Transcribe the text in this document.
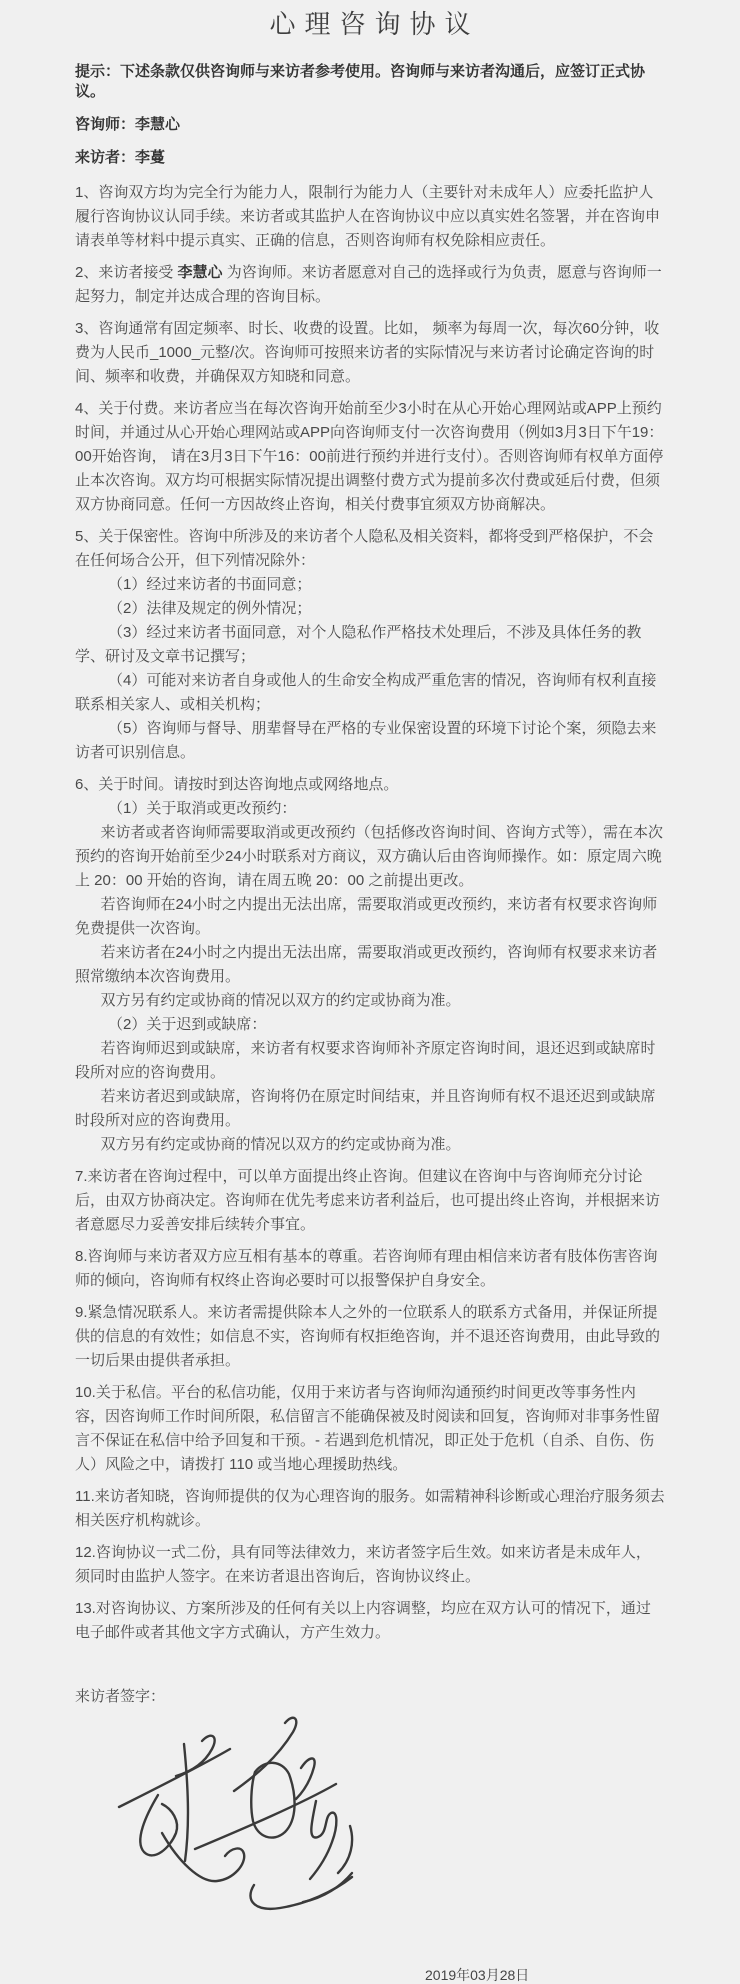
心理咨询协议

提示：下述条款仅供咨询师与来访者参考使用。咨询师与来访者沟通后，应签订正式协议。

咨询师：李慧心

来访者：李蔓

1、咨询双方均为完全行为能力人，限制行为能力人（主要针对未成年人）应委托监护人履行咨询协议认同手续。来访者或其监护人在咨询协议中应以真实姓名签署，并在咨询申请表单等材料中提示真实、正确的信息，否则咨询师有权免除相应责任。

2、来访者接受 李慧心 为咨询师。来访者愿意对自己的选择或行为负责，愿意与咨询师一起努力，制定并达成合理的咨询目标。

3、咨询通常有固定频率、时长、收费的设置。比如， 频率为每周一次，每次60分钟，收费为人民币_1000_元整/次。咨询师可按照来访者的实际情况与来访者讨论确定咨询的时间、频率和收费，并确保双方知晓和同意。

4、关于付费。来访者应当在每次咨询开始前至少3小时在从心开始心理网站或APP上预约时间，并通过从心开始心理网站或APP向咨询师支付一次咨询费用（例如3月3日下午19：00开始咨询， 请在3月3日下午16：00前进行预约并进行支付）。否则咨询师有权单方面停止本次咨询。双方均可根据实际情况提出调整付费方式为提前多次付费或延后付费，但须双方协商同意。任何一方因故终止咨询，相关付费事宜须双方协商解决。

5、关于保密性。咨询中所涉及的来访者个人隐私及相关资料，都将受到严格保护，不会在任何场合公开，但下列情况除外：

（1）经过来访者的书面同意；

（2）法律及规定的例外情况；

（3）经过来访者书面同意，对个人隐私作严格技术处理后，不涉及具体任务的教学、研讨及文章书记撰写；

（4）可能对来访者自身或他人的生命安全构成严重危害的情况，咨询师有权利直接联系相关家人、或相关机构；

（5）咨询师与督导、朋辈督导在严格的专业保密设置的环境下讨论个案，须隐去来访者可识别信息。

6、关于时间。请按时到达咨询地点或网络地点。

（1）关于取消或更改预约：

来访者或者咨询师需要取消或更改预约（包括修改咨询时间、咨询方式等），需在本次预约的咨询开始前至少24小时联系对方商议，双方确认后由咨询师操作。如：原定周六晚上 20：00 开始的咨询，请在周五晚 20：00 之前提出更改。

若咨询师在24小时之内提出无法出席，需要取消或更改预约，来访者有权要求咨询师免费提供一次咨询。

若来访者在24小时之内提出无法出席，需要取消或更改预约，咨询师有权要求来访者照常缴纳本次咨询费用。

双方另有约定或协商的情况以双方的约定或协商为准。

（2）关于迟到或缺席：

若咨询师迟到或缺席，来访者有权要求咨询师补齐原定咨询时间，退还迟到或缺席时段所对应的咨询费用。

若来访者迟到或缺席，咨询将仍在原定时间结束，并且咨询师有权不退还迟到或缺席时段所对应的咨询费用。

双方另有约定或协商的情况以双方的约定或协商为准。

7.来访者在咨询过程中，可以单方面提出终止咨询。但建议在咨询中与咨询师充分讨论后，由双方协商决定。咨询师在优先考虑来访者利益后，也可提出终止咨询，并根据来访者意愿尽力妥善安排后续转介事宜。

8.咨询师与来访者双方应互相有基本的尊重。若咨询师有理由相信来访者有肢体伤害咨询师的倾向，咨询师有权终止咨询必要时可以报警保护自身安全。

9.紧急情况联系人。来访者需提供除本人之外的一位联系人的联系方式备用，并保证所提供的信息的有效性；如信息不实，咨询师有权拒绝咨询，并不退还咨询费用，由此导致的一切后果由提供者承担。

10.关于私信。平台的私信功能，仅用于来访者与咨询师沟通预约时间更改等事务性内容，因咨询师工作时间所限，私信留言不能确保被及时阅读和回复，咨询师对非事务性留言不保证在私信中给予回复和干预。- 若遇到危机情况，即正处于危机（自杀、自伤、伤人）风险之中，请拨打 110 或当地心理援助热线。

11.来访者知晓，咨询师提供的仅为心理咨询的服务。如需精神科诊断或心理治疗服务须去相关医疗机构就诊。

12.咨询协议一式二份，具有同等法律效力，来访者签字后生效。如来访者是未成年人，须同时由监护人签字。在来访者退出咨询后，咨询协议终止。

13.对咨询协议、方案所涉及的任何有关以上内容调整，均应在双方认可的情况下，通过电子邮件或者其他文字方式确认，方产生效力。

来访者签字：

2019年03月28日
